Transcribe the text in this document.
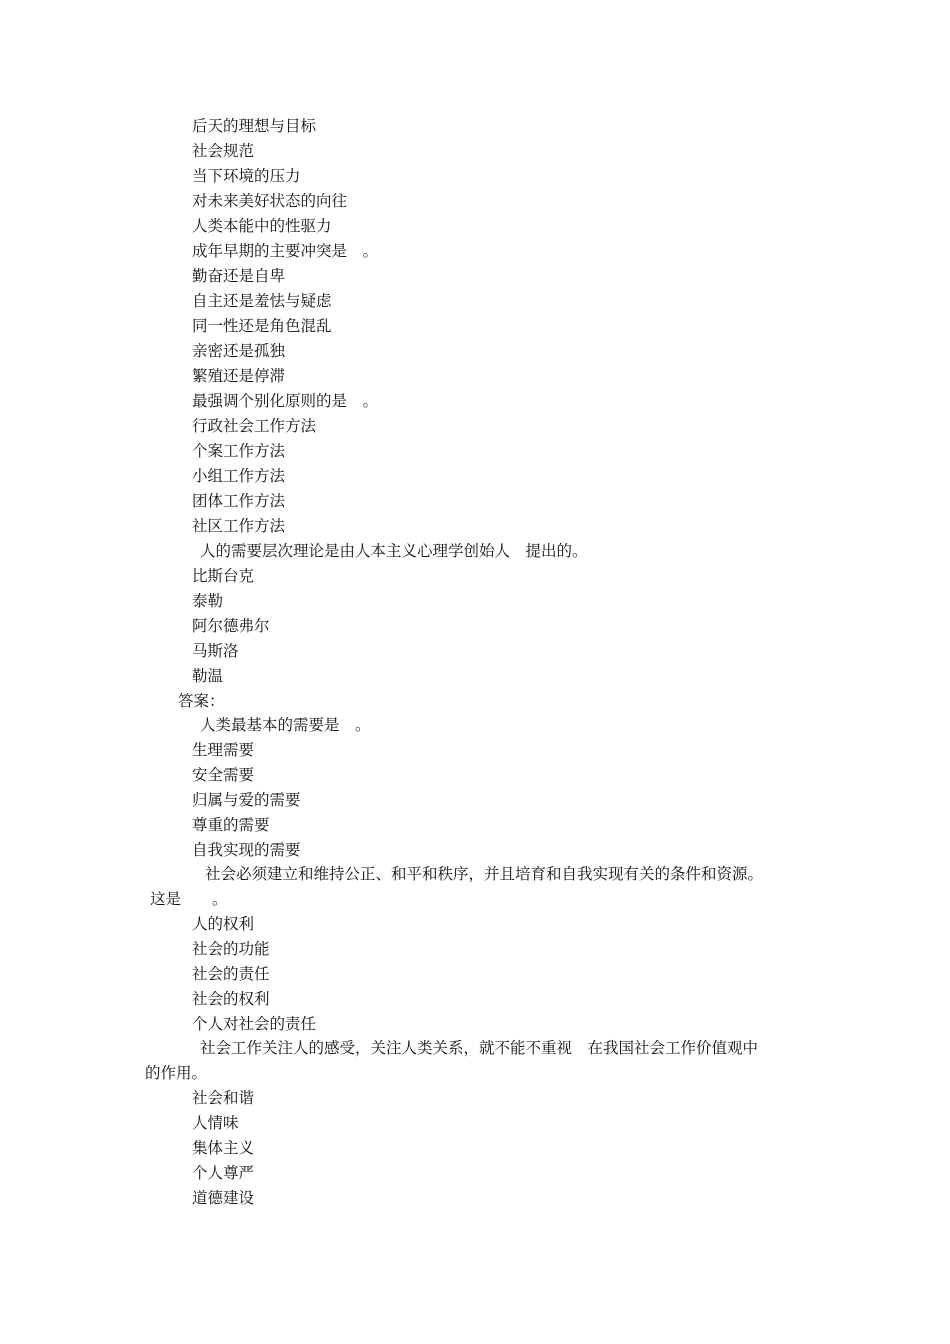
后天的理想与目标
社会规范
当下环境的压力
对未来美好状态的向往
人类本能中的性驱力
成年早期的主要冲突是　。
勤奋还是自卑
自主还是羞怯与疑虑
同一性还是角色混乱
亲密还是孤独
繁殖还是停滞
最强调个别化原则的是　。
行政社会工作方法
个案工作方法
小组工作方法
团体工作方法
社区工作方法
人的需要层次理论是由人本主义心理学创始人　提出的。
比斯台克
泰勒
阿尔德弗尔
马斯洛
勒温
答案：
人类最基本的需要是　。
生理需要
安全需要
归属与爱的需要
尊重的需要
自我实现的需要
社会必须建立和维持公正、和平和秩序，并且培育和自我实现有关的条件和资源。
这是　　。
人的权利
社会的功能
社会的责任
社会的权利
个人对社会的责任
社会工作关注人的感受，关注人类关系，就不能不重视　在我国社会工作价值观中
的作用。
社会和谐
人情味
集体主义
个人尊严
道德建设
